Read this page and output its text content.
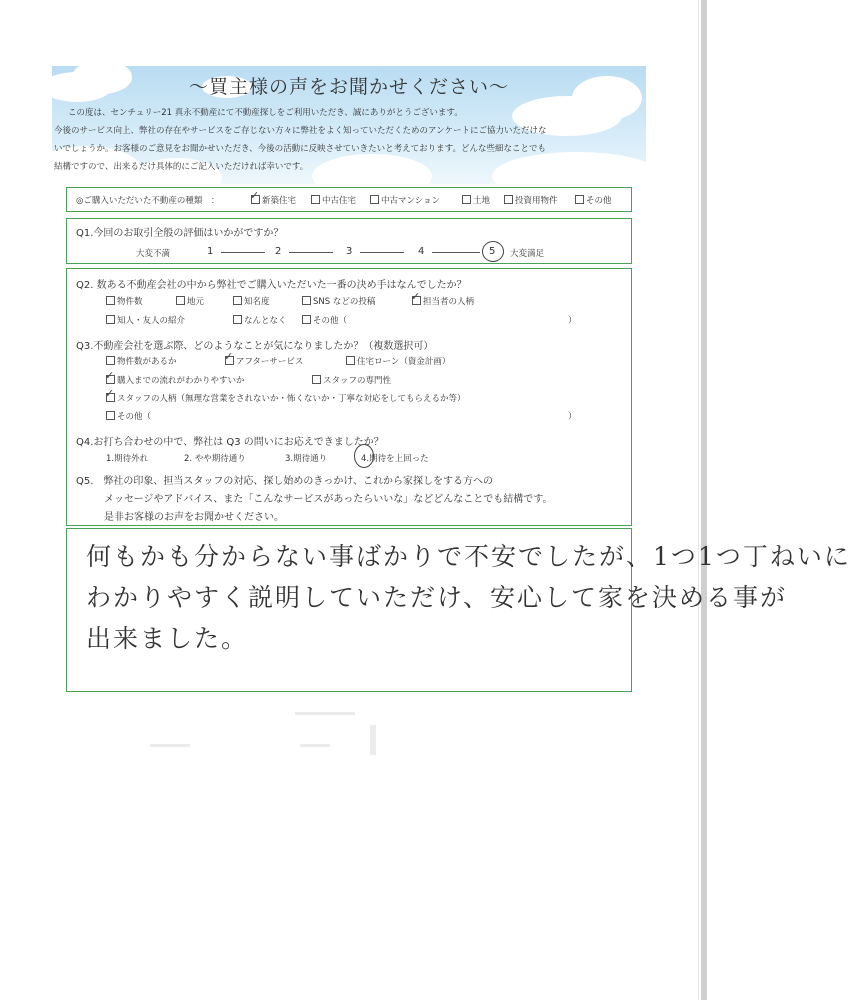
～買主様の声をお聞かせください～

この度は、センチュリー21 真永不動産にて不動産探しをご利用いただき、誠にありがとうございます。

今後のサービス向上、弊社の存在やサービスをご存じない方々に弊社をよく知っていただくためのアンケートにご協力いただけな

いでしょうか。お客様のご意見をお聞かせいただき、今後の活動に反映させていきたいと考えております。どんな些細なことでも

結構ですので、出来るだけ具体的にご記入いただければ幸いです。

◎ご購入いただいた不動産の種類　：	✓ 新築住宅	中古住宅	中古マンション	土地	投資用物件	その他
Q1.今回のお取引全般の評価はいかがですか？
大変不満	1	2	3	4	5 大変満足
Q2. 数ある不動産会社の中から弊社でご購入いただいた一番の決め手はなんでしたか？
物件数	地元	知名度	SNS などの投稿	✓ 担当者の人柄
知人・友人の紹介	なんとなく	その他（	）
Q3.不動産会社を選ぶ際、どのようなことが気になりましたか？（複数選択可）
物件数があるか	✓ アフターサービス	住宅ローン（資金計画）
✓ 購入までの流れがわかりやすいか	スタッフの専門性
✓ スタッフの人柄（無理な営業をされないか・怖くないか・丁寧な対応をしてもらえるか等）
その他（	）
Q4.お打ち合わせの中で、弊社は Q3 の問いにお応えできましたか？
1.期待外れ	2. やや期待通り	3.期待通り	4.期待を上回った
Q5.　弊社の印象、担当スタッフの対応、探し始めのきっかけ、これから家探しをする方への
メッセージやアドバイス、また「こんなサービスがあったらいいな」などどんなことでも結構です。
是非お客様のお声をお聞かせください。
何もかも分からない事ばかりで不安でしたが、1つ1つ丁ねいに
わかりやすく説明していただけ、安心して家を決める事が
出来ました。
